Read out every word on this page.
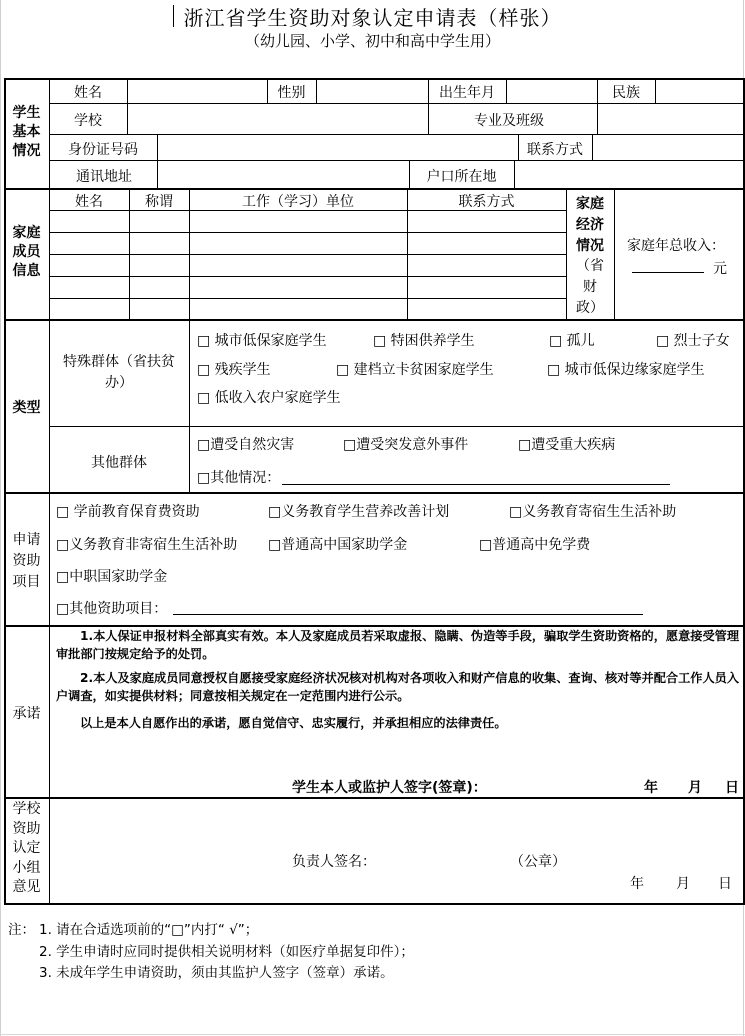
浙江省学生资助对象认定申请表（样张）
（幼儿园、小学、初中和高中学生用）
学生
基本
情况
姓名	性别	出生年月	民族
学校	专业及班级
身份证号码	联系方式
通讯地址	户口所在地
家庭
成员
信息
姓名	称谓	工作（学习）单位	联系方式	家庭
经济
情况
（省
财
政）
家庭年总收入：
元
类型
特殊群体（省扶贫
办）
□ 城市低保家庭学生	□ 特困供养学生	□ 孤儿	□ 烈士子女
□ 残疾学生	□ 建档立卡贫困家庭学生	□ 城市低保边缘家庭学生
□ 低收入农户家庭学生
其他群体
□遭受自然灾害	□遭受突发意外事件	□遭受重大疾病
□其他情况：
申请
资助
项目
□ 学前教育保育费资助	□义务教育学生营养改善计划	□义务教育寄宿生生活补助
□义务教育非寄宿生生活补助 □普通高中国家助学金	□普通高中免学费
□中职国家助学金
□其他资助项目：
承诺
1.本人保证申报材料全部真实有效。本人及家庭成员若采取虚报、隐瞒、伪造等手段，骗取学生资助资格的，愿意接受管理审批部门按规定给予的处罚。
2.本人及家庭成员同意授权自愿接受家庭经济状况核对机构对各项收入和财产信息的收集、查询、核对等并配合工作人员入户调查，如实提供材料；同意按相关规定在一定范围内进行公示。
以上是本人自愿作出的承诺，愿自觉信守、忠实履行，并承担相应的法律责任。
学生本人或监护人签字(签章)：	年 月 日
学校
资助
认定
小组
意见
负责人签名：	（公章）
年 月 日
注： 1. 请在合适选项前的“□”内打“ √”；
2. 学生申请时应同时提供相关说明材料（如医疗单据复印件）；
3. 未成年学生申请资助，须由其监护人签字（签章）承诺。
